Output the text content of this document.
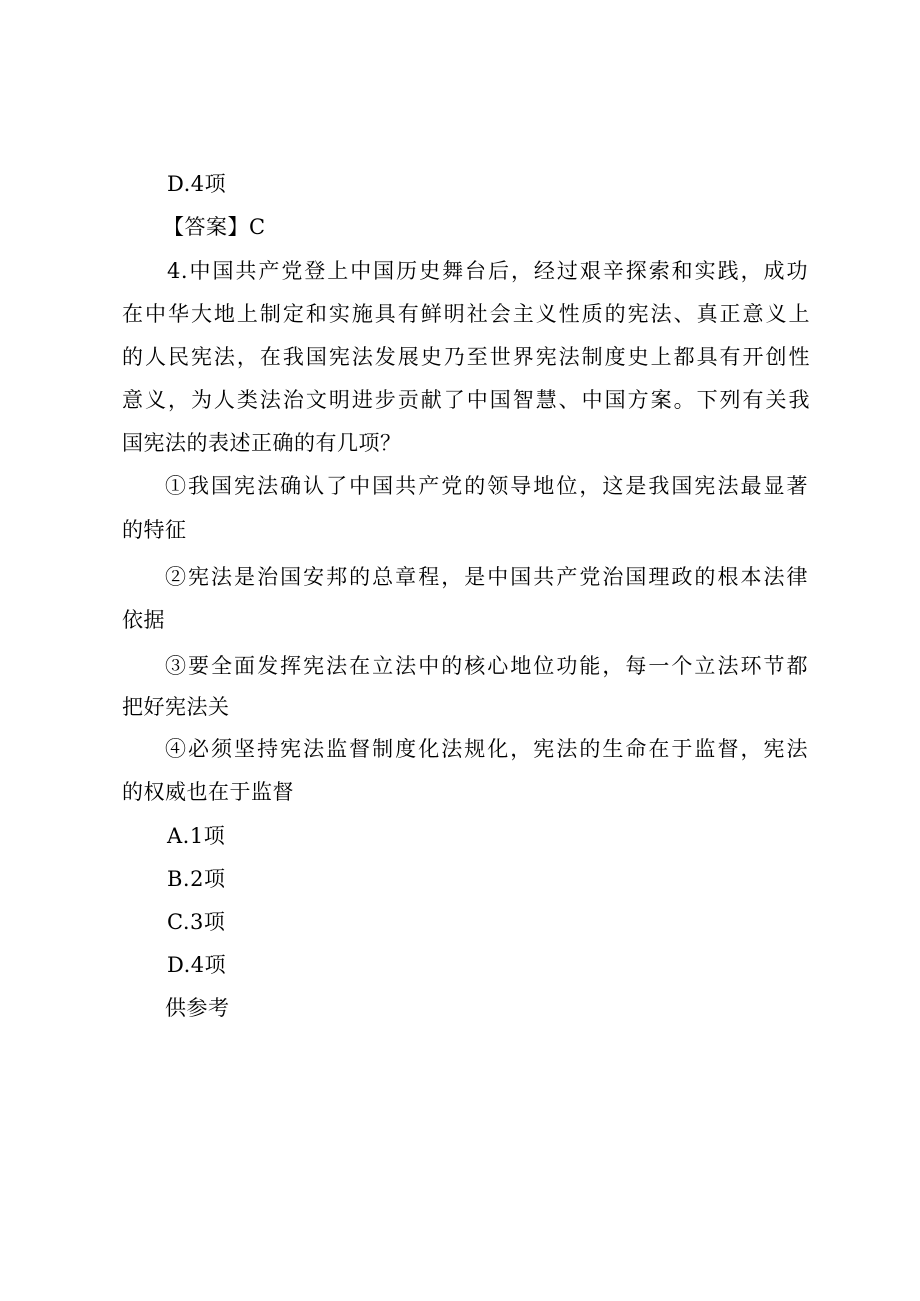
D.4项
【答案】C
4.中国共产党登上中国历史舞台后，经过艰辛探索和实践，成功
在中华大地上制定和实施具有鲜明社会主义性质的宪法、真正意义上
的人民宪法，在我国宪法发展史乃至世界宪法制度史上都具有开创性
意义，为人类法治文明进步贡献了中国智慧、中国方案。下列有关我
国宪法的表述正确的有几项？
①我国宪法确认了中国共产党的领导地位，这是我国宪法最显著
的特征
②宪法是治国安邦的总章程，是中国共产党治国理政的根本法律
依据
③要全面发挥宪法在立法中的核心地位功能，每一个立法环节都
把好宪法关
④必须坚持宪法监督制度化法规化，宪法的生命在于监督，宪法
的权威也在于监督
A.1项
B.2项
C.3项
D.4项
供参考
